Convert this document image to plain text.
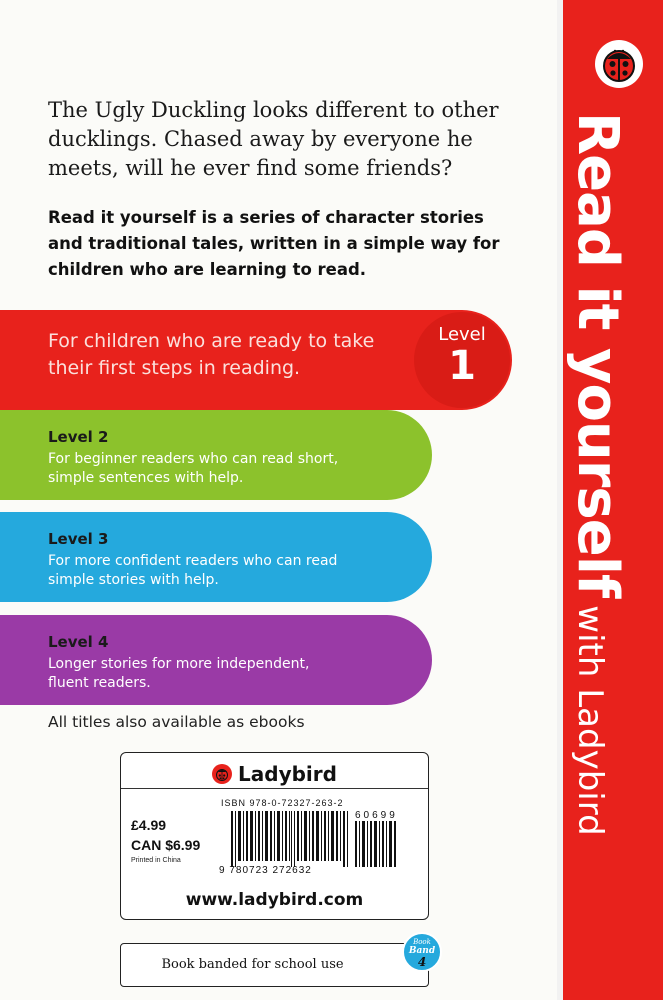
The Ugly Duckling looks different to other
ducklings. Chased away by everyone he
meets, will he ever find some friends?
Read it yourself is a series of character stories
and traditional tales, written in a simple way for
children who are learning to read.
For children who are ready to take
their first steps in reading.
Level
1
Level 2
For beginner readers who can read short,
simple sentences with help.
Level 3
For more confident readers who can read
simple stories with help.
Level 4
Longer stories for more independent,
fluent readers.
All titles also available as ebooks
Ladybird
ISBN 978-0-72327-263-2
£4.99
CAN $6.99
Printed in China
60699
9 780723 272632
www.ladybird.com
Book banded for school use
Book
Band
4
Read it yourselfwith Ladybird
